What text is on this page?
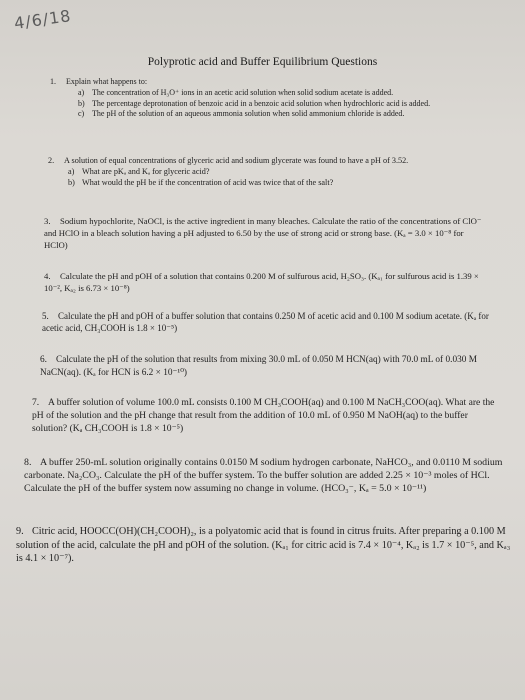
4/6/18
Polyprotic acid and Buffer Equilibrium Questions
1. Explain what happens to:
a) The concentration of H₃O⁺ ions in an acetic acid solution when solid sodium acetate is added.
b) The percentage deprotonation of benzoic acid in a benzoic acid solution when hydrochloric acid is added.
c) The pH of the solution of an aqueous ammonia solution when solid ammonium chloride is added.
2. A solution of equal concentrations of glyceric acid and sodium glycerate was found to have a pH of 3.52.
a) What are pKₐ and Kₐ for glyceric acid?
b) What would the pH be if the concentration of acid was twice that of the salt?
3. Sodium hypochlorite, NaOCl, is the active ingredient in many bleaches. Calculate the ratio of the concentrations of ClO⁻ and HClO in a bleach solution having a pH adjusted to 6.50 by the use of strong acid or strong base. (Kₐ = 3.0 × 10⁻⁸ for HClO)
4. Calculate the pH and pOH of a solution that contains 0.200 M of sulfurous acid, H₂SO₃. (Kₐ₁ for sulfurous acid is 1.39 × 10⁻², Kₐ₂ is 6.73 × 10⁻⁸)
5. Calculate the pH and pOH of a buffer solution that contains 0.250 M of acetic acid and 0.100 M sodium acetate. (Kₐ for acetic acid, CH₃COOH is 1.8 × 10⁻⁵)
6. Calculate the pH of the solution that results from mixing 30.0 mL of 0.050 M HCN(aq) with 70.0 mL of 0.030 M NaCN(aq). (Kₐ for HCN is 6.2 × 10⁻¹⁰)
7. A buffer solution of volume 100.0 mL consists 0.100 M CH₃COOH(aq) and 0.100 M NaCH₃COO(aq). What are the pH of the solution and the pH change that result from the addition of 10.0 mL of 0.950 M NaOH(aq) to the buffer solution? (Kₐ CH₃COOH is 1.8 × 10⁻⁵)
8. A buffer 250-mL solution originally contains 0.0150 M sodium hydrogen carbonate, NaHCO₃, and 0.0110 M sodium carbonate. Na₂CO₃. Calculate the pH of the buffer system. To the buffer solution are added 2.25 × 10⁻³ moles of HCl. Calculate the pH of the buffer system now assuming no change in volume. (HCO₃⁻, Kₐ = 5.0 × 10⁻¹¹)
9. Citric acid, HOOCC(OH)(CH₂COOH)₂, is a polyatomic acid that is found in citrus fruits. After preparing a 0.100 M solution of the acid, calculate the pH and pOH of the solution. (Kₐ₁ for citric acid is 7.4 × 10⁻⁴, Kₐ₂ is 1.7 × 10⁻⁵, and Kₐ₃ is 4.1 × 10⁻⁷).
